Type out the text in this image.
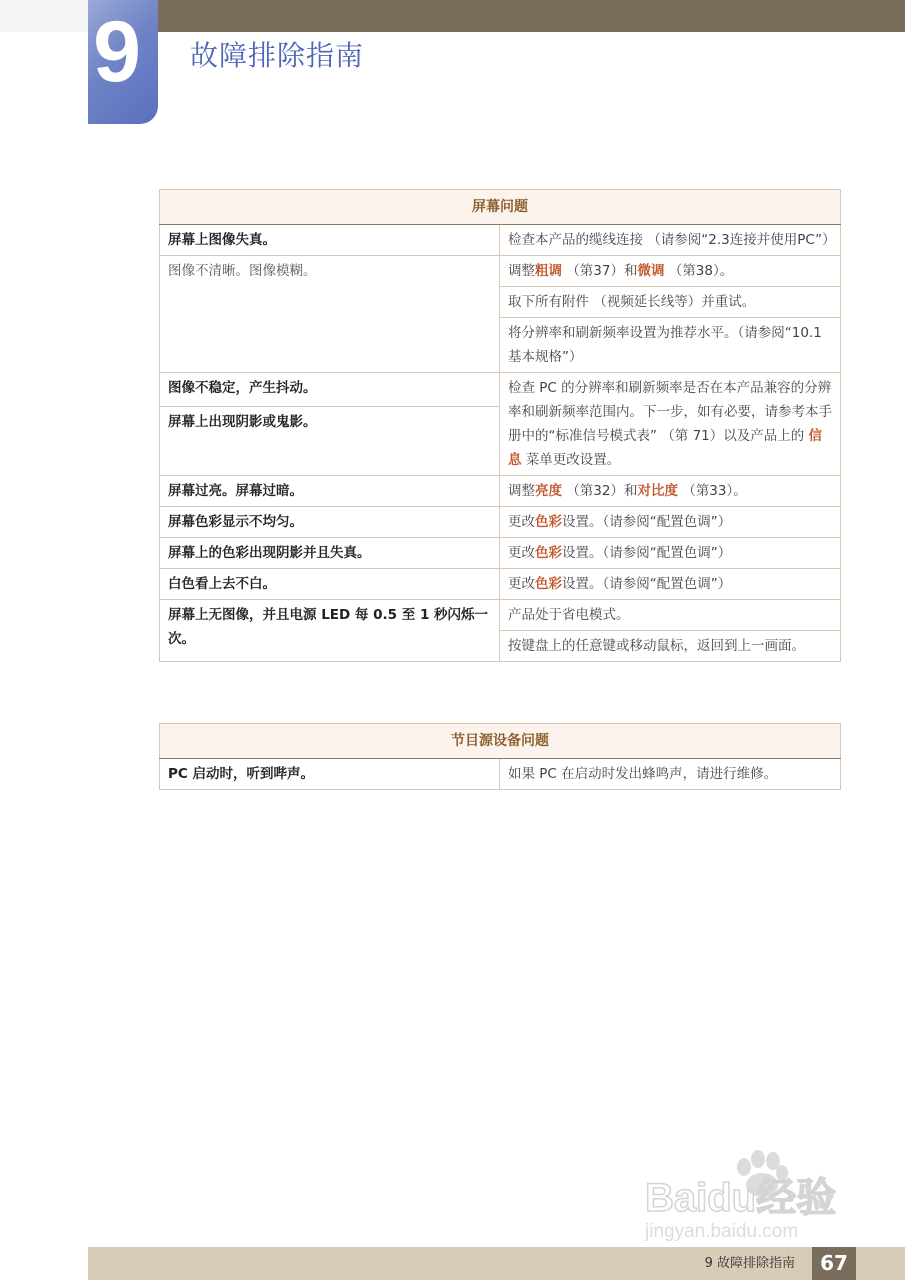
9 故障排除指南
屏幕问题	
屏幕上图像失真。	检查本产品的缆线连接 （请参阅“2.3连接并使用PC”）
图像不清晰。图像模糊。	调整粗调 （第37）和微调 （第38）。
	取下所有附件 （视频延长线等）并重试。
	将分辨率和刷新频率设置为推荐水平。（请参阅“10.1基本规格”）
图像不稳定，产生抖动。	检查 PC 的分辨率和刷新频率是否在本产品兼容的分辨率和刷新频率范围内。下一步，如有必要，请参考本手册中的“标准信号模式表” （第 71）以及产品上的 信息 菜单更改设置。
屏幕上出现阴影或鬼影。	
屏幕过亮。屏幕过暗。	调整亮度 （第32）和对比度 （第33）。
屏幕色彩显示不均匀。	更改色彩设置。（请参阅“配置色调”）
屏幕上的色彩出现阴影并且失真。	更改色彩设置。（请参阅“配置色调”）
白色看上去不白。	更改色彩设置。（请参阅“配置色调”）
屏幕上无图像，并且电源 LED 每 0.5 至 1 秒闪烁一次。	产品处于省电模式。
	按键盘上的任意键或移动鼠标，返回到上一画面。
节目源设备问题
PC 启动时，听到哔声。	如果 PC 在启动时发出蜂鸣声，请进行维修。
Baidu经验
jingyan.baidu.com
9 故障排除指南	67
